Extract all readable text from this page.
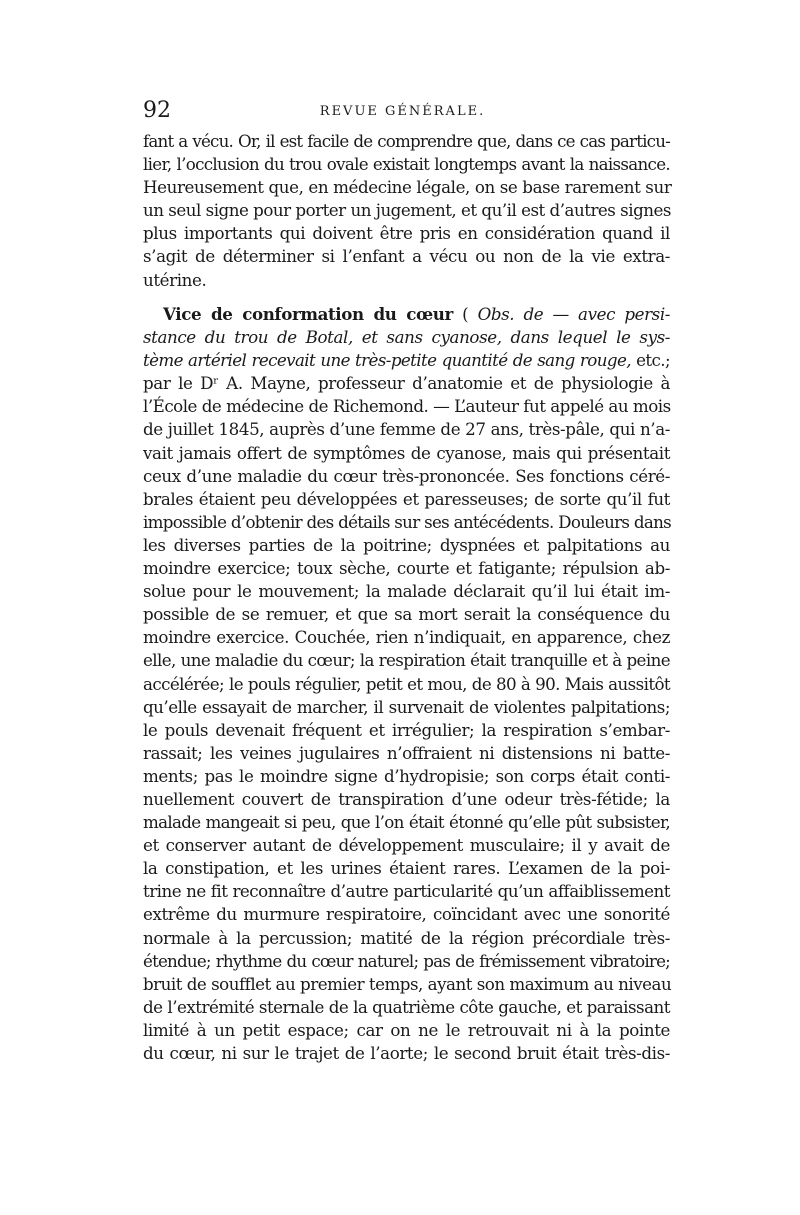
92	REVUE GÉNÉRALE.
fant a vécu. Or, il est facile de comprendre que, dans ce cas particu-
lier, l’occlusion du trou ovale existait longtemps avant la naissance.
Heureusement que, en médecine légale, on se base rarement sur
un seul signe pour porter un jugement, et qu’il est d’autres signes
plus importants qui doivent être pris en considération quand il
s’agit de déterminer si l’enfant a vécu ou non de la vie extra-
utérine.
Vice de conformation du cœur ( Obs. de — avec persi-
stance du trou de Botal, et sans cyanose, dans lequel le sys-
tème artériel recevait une très-petite quantité de sang rouge, etc.;
par le Dʳ A. Mayne, professeur d’anatomie et de physiologie à
l’École de médecine de Richemond. — L’auteur fut appelé au mois
de juillet 1845, auprès d’une femme de 27 ans, très-pâle, qui n’a-
vait jamais offert de symptômes de cyanose, mais qui présentait
ceux d’une maladie du cœur très-prononcée. Ses fonctions céré-
brales étaient peu développées et paresseuses; de sorte qu’il fut
impossible d’obtenir des détails sur ses antécédents. Douleurs dans
les diverses parties de la poitrine; dyspnées et palpitations au
moindre exercice; toux sèche, courte et fatigante; répulsion ab-
solue pour le mouvement; la malade déclarait qu’il lui était im-
possible de se remuer, et que sa mort serait la conséquence du
moindre exercice. Couchée, rien n’indiquait, en apparence, chez
elle, une maladie du cœur; la respiration était tranquille et à peine
accélérée; le pouls régulier, petit et mou, de 80 à 90. Mais aussitôt
qu’elle essayait de marcher, il survenait de violentes palpitations;
le pouls devenait fréquent et irrégulier; la respiration s’embar-
rassait; les veines jugulaires n’offraient ni distensions ni batte-
ments; pas le moindre signe d’hydropisie; son corps était conti-
nuellement couvert de transpiration d’une odeur très-fétide; la
malade mangeait si peu, que l’on était étonné qu’elle pût subsister,
et conserver autant de développement musculaire; il y avait de
la constipation, et les urines étaient rares. L’examen de la poi-
trine ne fit reconnaître d’autre particularité qu’un affaiblissement
extrême du murmure respiratoire, coïncidant avec une sonorité
normale à la percussion; matité de la région précordiale très-
étendue; rhythme du cœur naturel; pas de frémissement vibratoire;
bruit de soufflet au premier temps, ayant son maximum au niveau
de l’extrémité sternale de la quatrième côte gauche, et paraissant
limité à un petit espace; car on ne le retrouvait ni à la pointe
du cœur, ni sur le trajet de l’aorte; le second bruit était très-dis-
